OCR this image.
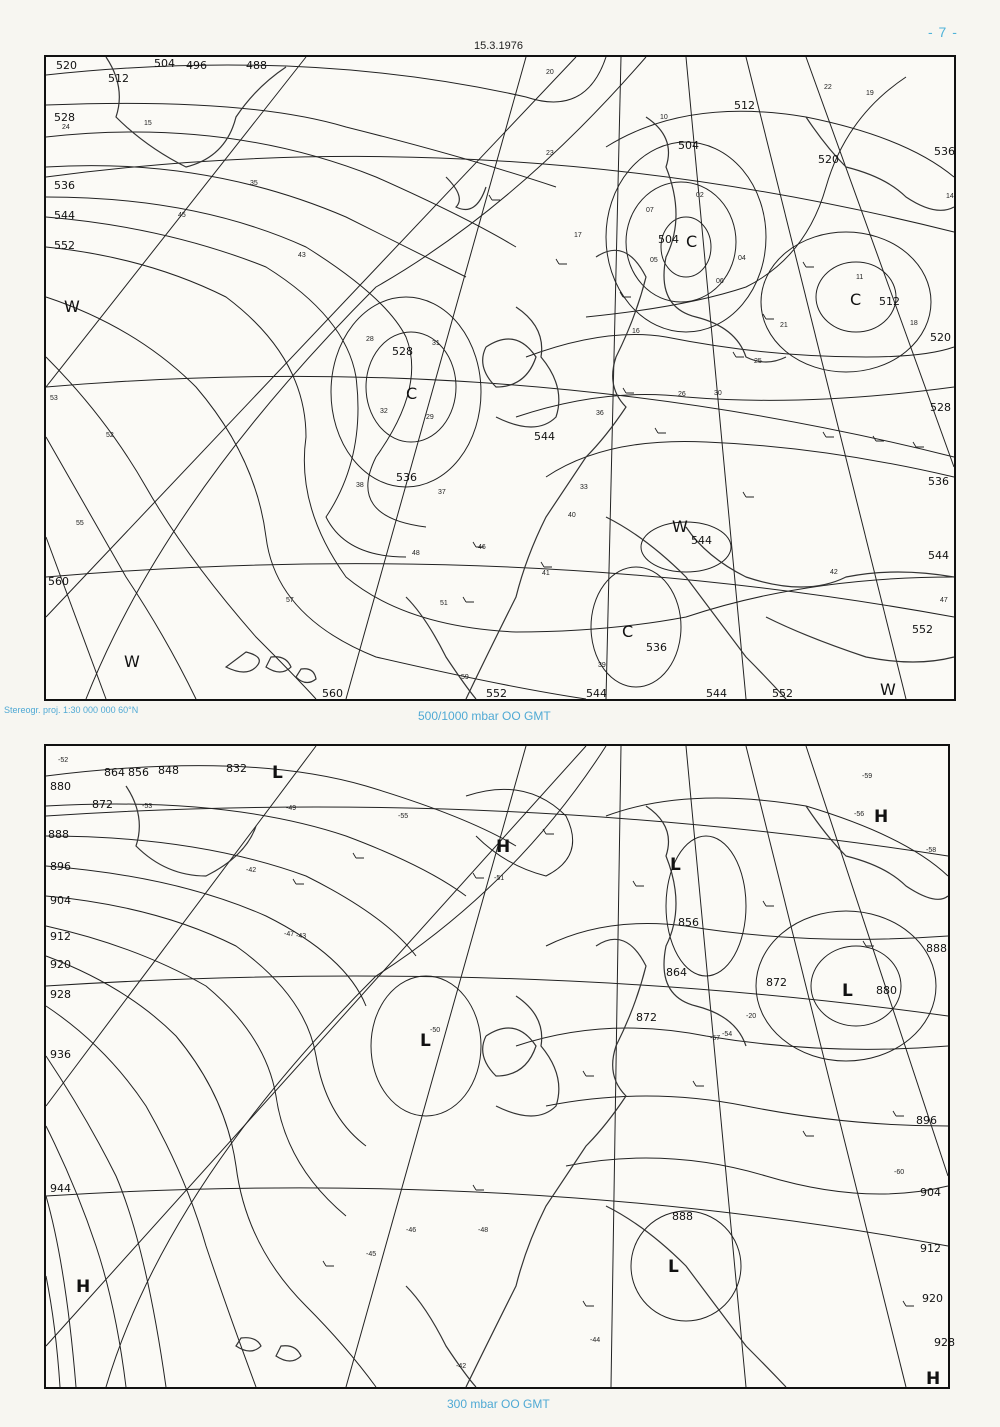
- 7 -
15.3.1976
520
512
528
536
544
552
504 496	488
512
504
504
520
512
536
520
528
536
544
552
528
536
544
544
536
552	544	544	552
560
560
C
C
C
C
W
W
W
W
20
10
15
24
35
43
45
52
53
55
57
59
32
29
31
28
38
37
40
46
48
51
41
39
33
36
26
25
30
42
47
21	18
17
14
22
19
16
11
02
07
06
05	04
23
Stereogr. proj. 1:30 000 000 60°N	500/1000 mbar OO GMT
864 856 848	832
872
880
888
896
904
912
920
928
936
944
856
864
872
872
880
888
896
904
912
920
928
888
L
L
L
L
L
H
H
H
H
-52
-53	-49
-43
-42
-55	-56
-58
-59
-51
-50
-57
-54
-48
-47
-46
-45
-44
-20
-60
-42
300 mbar OO GMT
